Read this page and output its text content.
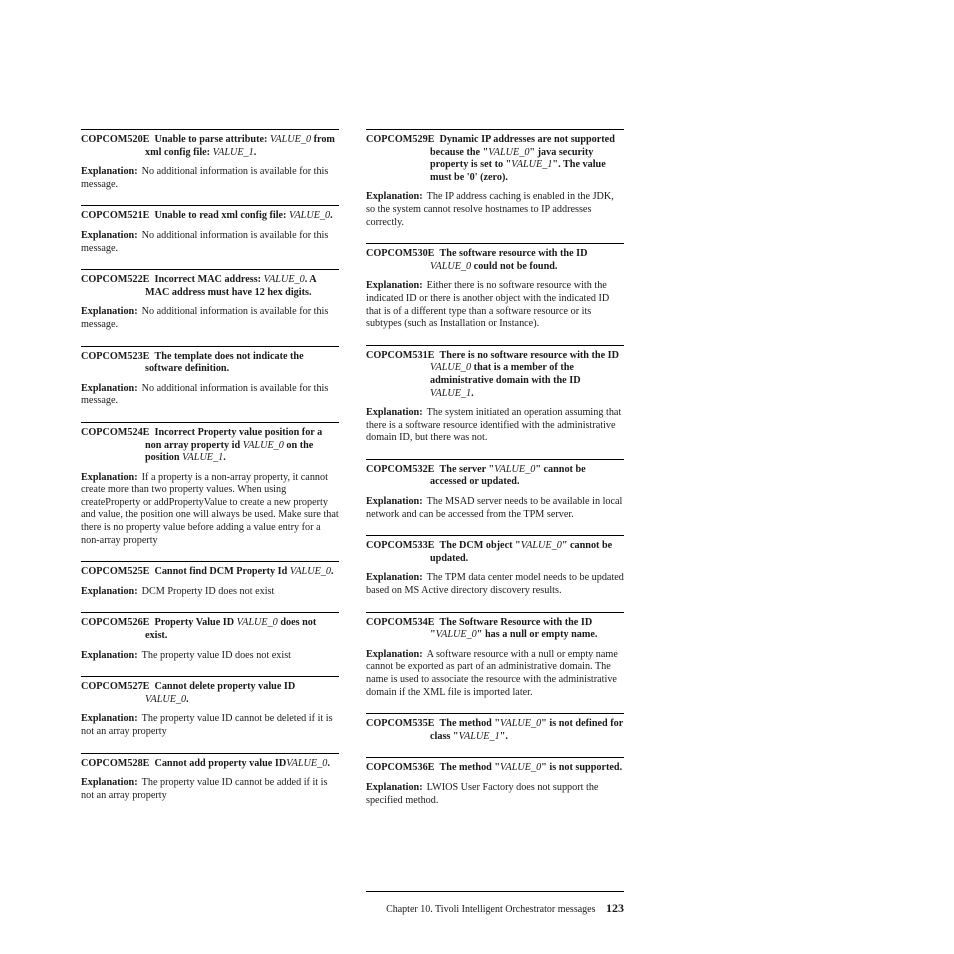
COPCOM520E Unable to parse attribute: VALUE_0 from xml config file: VALUE_1.

Explanation: No additional information is available for this message.

COPCOM521E Unable to read xml config file: VALUE_0.

Explanation: No additional information is available for this message.

COPCOM522E Incorrect MAC address: VALUE_0. A MAC address must have 12 hex digits.

Explanation: No additional information is available for this message.

COPCOM523E The template does not indicate the software definition.

Explanation: No additional information is available for this message.

COPCOM524E Incorrect Property value position for a non array property id VALUE_0 on the position VALUE_1.

Explanation: If a property is a non-array property, it cannot create more than two property values. When using createProperty or addPropertyValue to create a new property and value, the position one will always be used. Make sure that there is no property value before adding a value entry for a non-array property

COPCOM525E Cannot find DCM Property Id VALUE_0.

Explanation: DCM Property ID does not exist

COPCOM526E Property Value ID VALUE_0 does not exist.

Explanation: The property value ID does not exist

COPCOM527E Cannot delete property value ID VALUE_0.

Explanation: The property value ID cannot be deleted if it is not an array property

COPCOM528E Cannot add property value IDVALUE_0.

Explanation: The property value ID cannot be added if it is not an array property

COPCOM529E Dynamic IP addresses are not supported because the "VALUE_0" java security property is set to "VALUE_1". The value must be '0' (zero).

Explanation: The IP address caching is enabled in the JDK, so the system cannot resolve hostnames to IP addresses correctly.

COPCOM530E The software resource with the ID VALUE_0 could not be found.

Explanation: Either there is no software resource with the indicated ID or there is another object with the indicated ID that is of a different type than a software resource or its subtypes (such as Installation or Instance).

COPCOM531E There is no software resource with the ID VALUE_0 that is a member of the administrative domain with the ID VALUE_1.

Explanation: The system initiated an operation assuming that there is a software resource identified with the administrative domain ID, but there was not.

COPCOM532E The server "VALUE_0" cannot be accessed or updated.

Explanation: The MSAD server needs to be available in local network and can be accessed from the TPM server.

COPCOM533E The DCM object "VALUE_0" cannot be updated.

Explanation: The TPM data center model needs to be updated based on MS Active directory discovery results.

COPCOM534E The Software Resource with the ID "VALUE_0" has a null or empty name.

Explanation: A software resource with a null or empty name cannot be exported as part of an administrative domain. The name is used to associate the resource with the administrative domain if the XML file is imported later.

COPCOM535E The method "VALUE_0" is not defined for class "VALUE_1".

COPCOM536E The method "VALUE_0" is not supported.

Explanation: LWIOS User Factory does not support the specified method.

Chapter 10. Tivoli Intelligent Orchestrator messages 123
